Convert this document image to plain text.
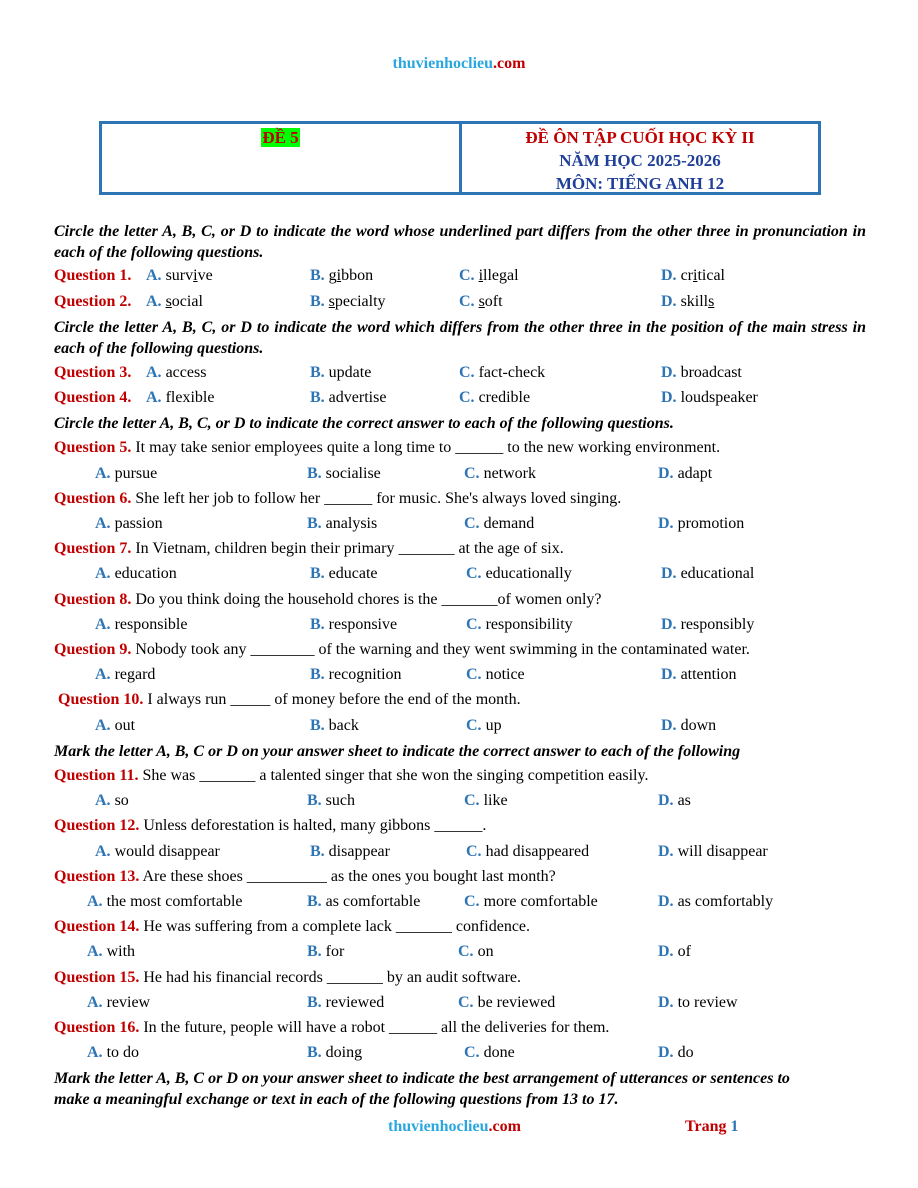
thuvienhoclieu.com
ĐỀ 5	ĐỀ ÔN TẬP CUỐI HỌC KỲ II
NĂM HỌC 2025-2026
MÔN: TIẾNG ANH 12
Circle the letter A, B, C, or D to indicate the word whose underlined part differs from the other three in pronunciation in each of the following questions.
Question 1. A. survive	B. gibbon	C. illegal	D. critical
Question 2. A. social	B. specialty	C. soft	D. skills
Circle the letter A, B, C, or D to indicate the word which differs from the other three in the position of the main stress in each of the following questions.
Question 3. A. access	B. update	C. fact-check	D. broadcast
Question 4. A. flexible	B. advertise	C. credible	D. loudspeaker
Circle the letter A, B, C, or D to indicate the correct answer to each of the following questions.
Question 5. It may take senior employees quite a long time to ______ to the new working environment.
A. pursue	B. socialise	C. network	D. adapt
Question 6. She left her job to follow her ______ for music. She's always loved singing.
A. passion	B. analysis	C. demand	D. promotion
Question 7. In Vietnam, children begin their primary _______ at the age of six.
A. education	B. educate	C. educationally	D. educational
Question 8. Do you think doing the household chores is the _______of women only?
A. responsible	B. responsive	C. responsibility	D. responsibly
Question 9. Nobody took any ________ of the warning and they went swimming in the contaminated water.
A. regard	B. recognition	C. notice	D. attention
Question 10. I always run _____ of money before the end of the month.
A. out	B. back	C. up	D. down
Mark the letter A, B, C or D on your answer sheet to indicate the correct answer to each of the following
Question 11. She was _______ a talented singer that she won the singing competition easily.
A. so	B. such	C. like	D. as
Question 12. Unless deforestation is halted, many gibbons ______.
A. would disappear	B. disappear	C. had disappeared	D. will disappear
Question 13. Are these shoes __________ as the ones you bought last month?
A. the most comfortable	B. as comfortable	C. more comfortable	D. as comfortably
Question 14. He was suffering from a complete lack _______ confidence.
A. with	B. for	C. on	D. of
Question 15. He had his financial records _______ by an audit software.
A. review	B. reviewed	C. be reviewed	D. to review
Question 16. In the future, people will have a robot ______ all the deliveries for them.
A. to do	B. doing	C. done	D. do
Mark the letter A, B, C or D on your answer sheet to indicate the best arrangement of utterances or sentences to make a meaningful exchange or text in each of the following questions from 13 to 17.
thuvienhoclieu.com	Trang 1
